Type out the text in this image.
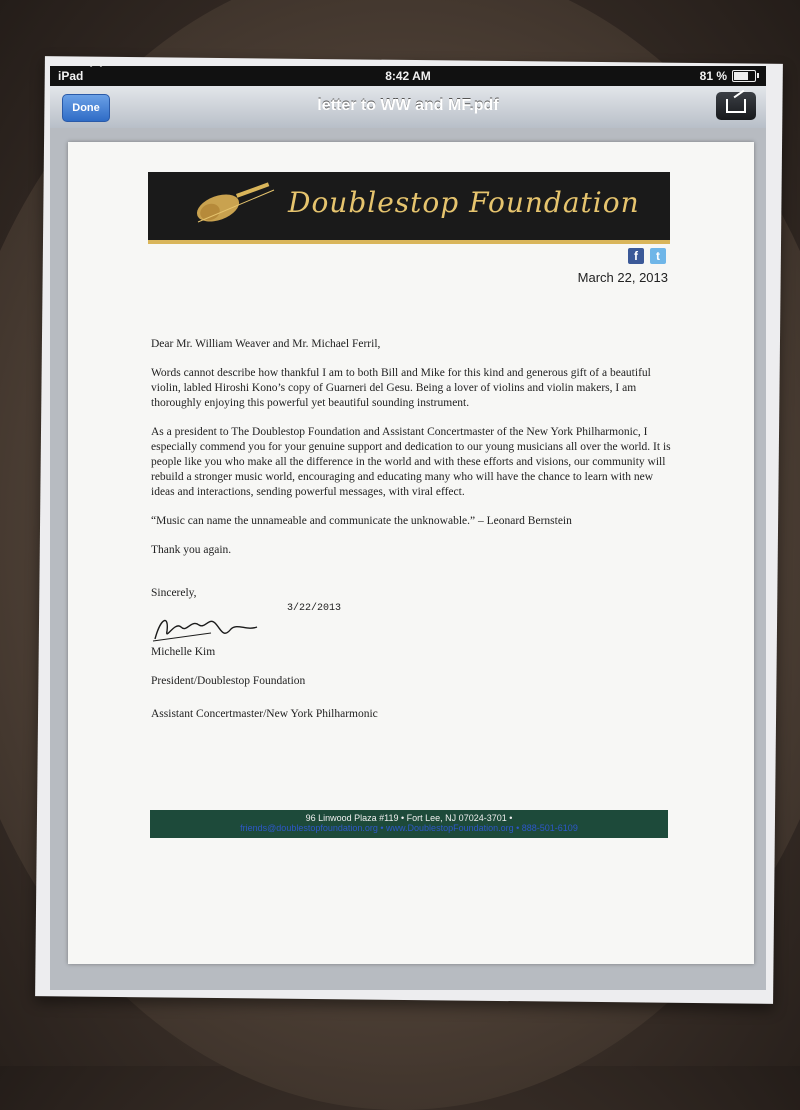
iPad	8:42 AM	81 %
Done	letter to WW and MF.pdf
Doublestop Foundation
f	t
March 22, 2013

Dear Mr. William Weaver and Mr. Michael Ferril,

Words cannot describe how thankful I am to both Bill and Mike for this kind and generous gift of a beautiful violin, labled Hiroshi Kono’s copy of Guarneri del Gesu. Being a lover of violins and violin makers, I am thoroughly enjoying this powerful yet beautiful sounding instrument.

As a president to The Doublestop Foundation and Assistant Concertmaster of the New York Philharmonic, I especially commend you for your genuine support and dedication to our young musicians all over the world. It is people like you who make all the difference in the world and with these efforts and visions, our community will rebuild a stronger music world, encouraging and educating many who will have the chance to learn with new ideas and interactions, sending powerful messages, with viral effect.

“Music can name the unnameable and communicate the unknowable.” – Leonard Bernstein

Thank you again.

Sincerely,

3/22/2013

Michelle Kim

President/Doublestop Foundation

Assistant Concertmaster/New York Philharmonic

96 Linwood Plaza #119 • Fort Lee, NJ 07024-3701 •
friends@doublestopfoundation.org • www.DoublestopFoundation.org • 888-501-6109
